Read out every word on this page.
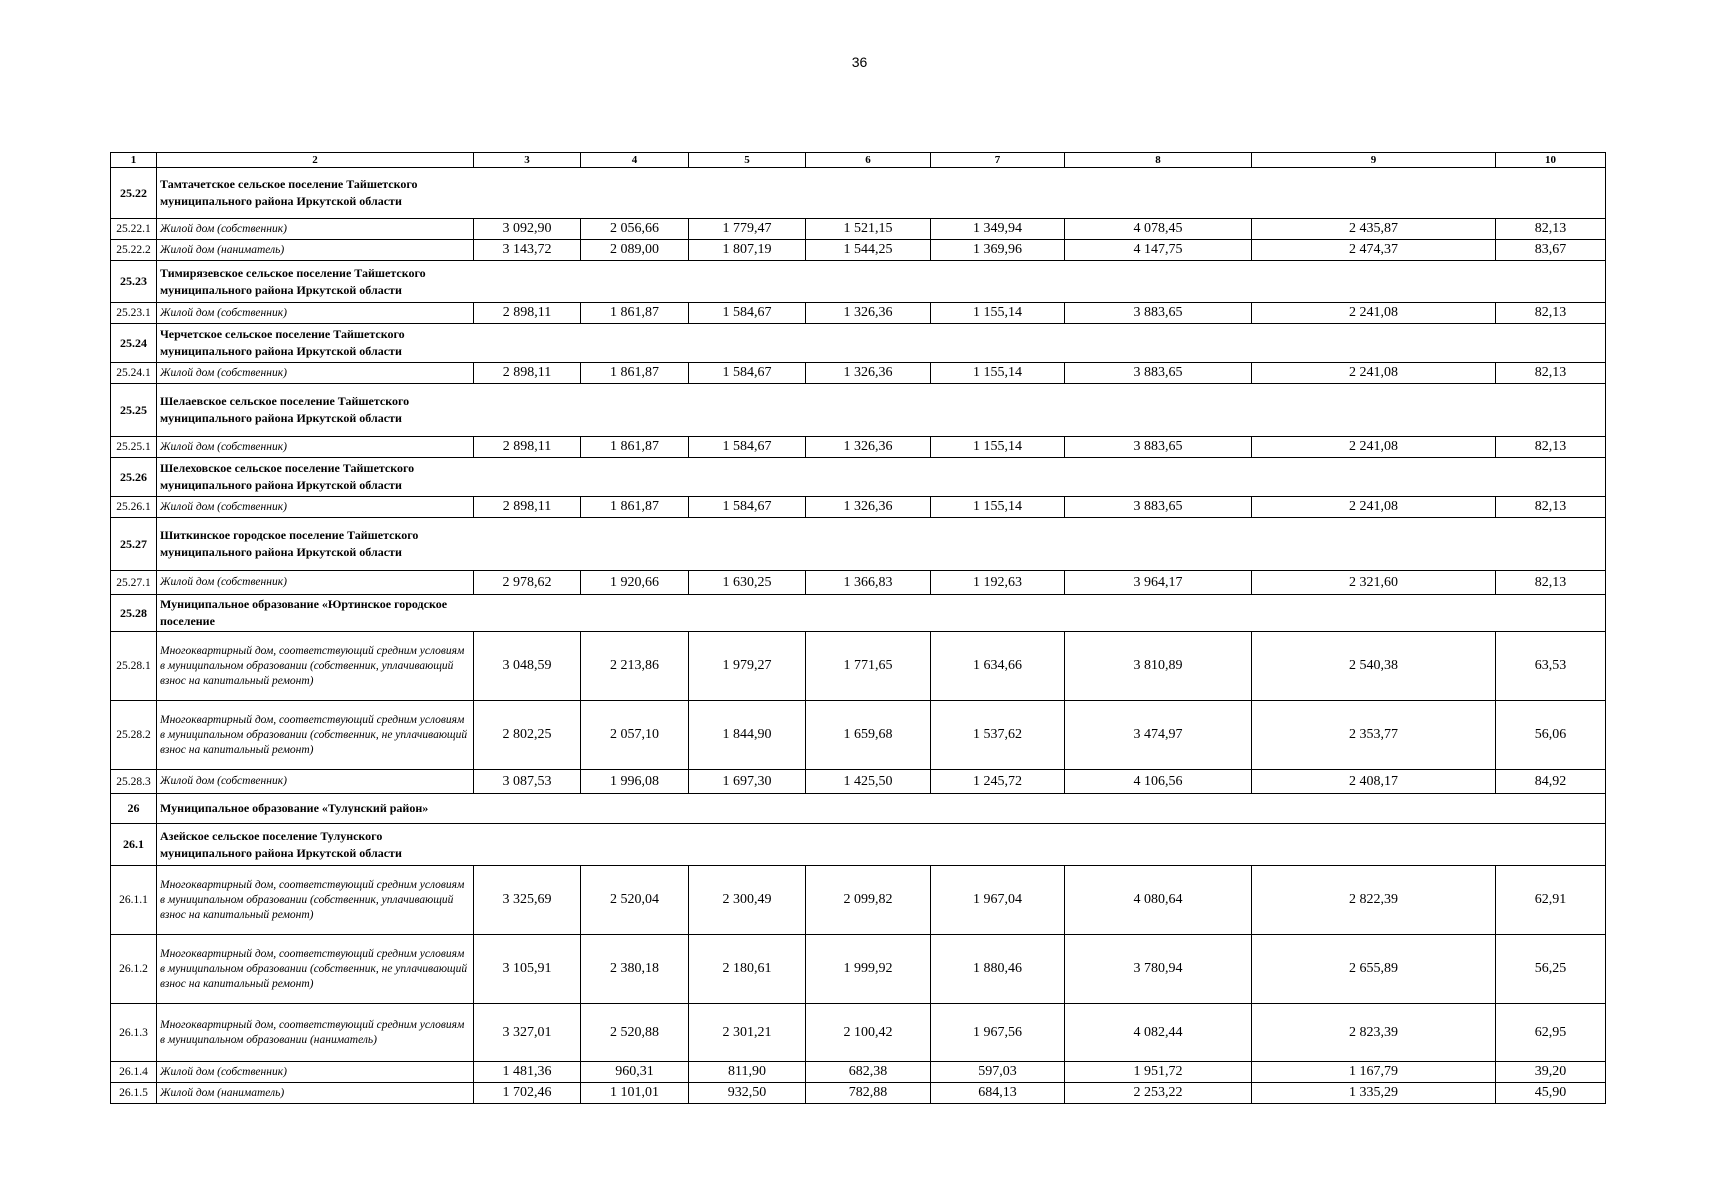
36
1	2	3	4	5	6	7	8	9	10
25.22	Тамтачетское сельское поселение Тайшетского муниципального района Иркутской области								
25.22.1	Жилой дом (собственник)	3 092,90	2 056,66	1 779,47	1 521,15	1 349,94	4 078,45	2 435,87	82,13
25.22.2	Жилой дом (наниматель)	3 143,72	2 089,00	1 807,19	1 544,25	1 369,96	4 147,75	2 474,37	83,67
25.23	Тимирязевское сельское поселение Тайшетского муниципального района Иркутской области								
25.23.1	Жилой дом (собственник)	2 898,11	1 861,87	1 584,67	1 326,36	1 155,14	3 883,65	2 241,08	82,13
25.24	Черчетское сельское поселение Тайшетского муниципального района Иркутской области								
25.24.1	Жилой дом (собственник)	2 898,11	1 861,87	1 584,67	1 326,36	1 155,14	3 883,65	2 241,08	82,13
25.25	Шелаевское сельское поселение Тайшетского муниципального района Иркутской области								
25.25.1	Жилой дом (собственник)	2 898,11	1 861,87	1 584,67	1 326,36	1 155,14	3 883,65	2 241,08	82,13
25.26	Шелеховское сельское поселение Тайшетского муниципального района Иркутской области								
25.26.1	Жилой дом (собственник)	2 898,11	1 861,87	1 584,67	1 326,36	1 155,14	3 883,65	2 241,08	82,13
25.27	Шиткинское городское поселение Тайшетского муниципального района Иркутской области								
25.27.1	Жилой дом (собственник)	2 978,62	1 920,66	1 630,25	1 366,83	1 192,63	3 964,17	2 321,60	82,13
25.28	Муниципальное образование «Юртинское городское поселение								
25.28.1	Многоквартирный дом, соответствующий средним условиям в муниципальном образовании (собственник, уплачивающий взнос на капитальный ремонт)	3 048,59	2 213,86	1 979,27	1 771,65	1 634,66	3 810,89	2 540,38	63,53
25.28.2	Многоквартирный дом, соответствующий средним условиям в муниципальном образовании (собственник, не уплачивающий взнос на капитальный ремонт)	2 802,25	2 057,10	1 844,90	1 659,68	1 537,62	3 474,97	2 353,77	56,06
25.28.3	Жилой дом (собственник)	3 087,53	1 996,08	1 697,30	1 425,50	1 245,72	4 106,56	2 408,17	84,92
26	Муниципальное образование «Тулунский район»								
26.1	Азейское сельское поселение Тулунского муниципального района Иркутской области								
26.1.1	Многоквартирный дом, соответствующий средним условиям в муниципальном образовании (собственник, уплачивающий взнос на капитальный ремонт)	3 325,69	2 520,04	2 300,49	2 099,82	1 967,04	4 080,64	2 822,39	62,91
26.1.2	Многоквартирный дом, соответствующий средним условиям в муниципальном образовании (собственник, не уплачивающий взнос на капитальный ремонт)	3 105,91	2 380,18	2 180,61	1 999,92	1 880,46	3 780,94	2 655,89	56,25
26.1.3	Многоквартирный дом, соответствующий средним условиям в муниципальном образовании (наниматель)	3 327,01	2 520,88	2 301,21	2 100,42	1 967,56	4 082,44	2 823,39	62,95
26.1.4	Жилой дом (собственник)	1 481,36	960,31	811,90	682,38	597,03	1 951,72	1 167,79	39,20
26.1.5	Жилой дом (наниматель)	1 702,46	1 101,01	932,50	782,88	684,13	2 253,22	1 335,29	45,90
